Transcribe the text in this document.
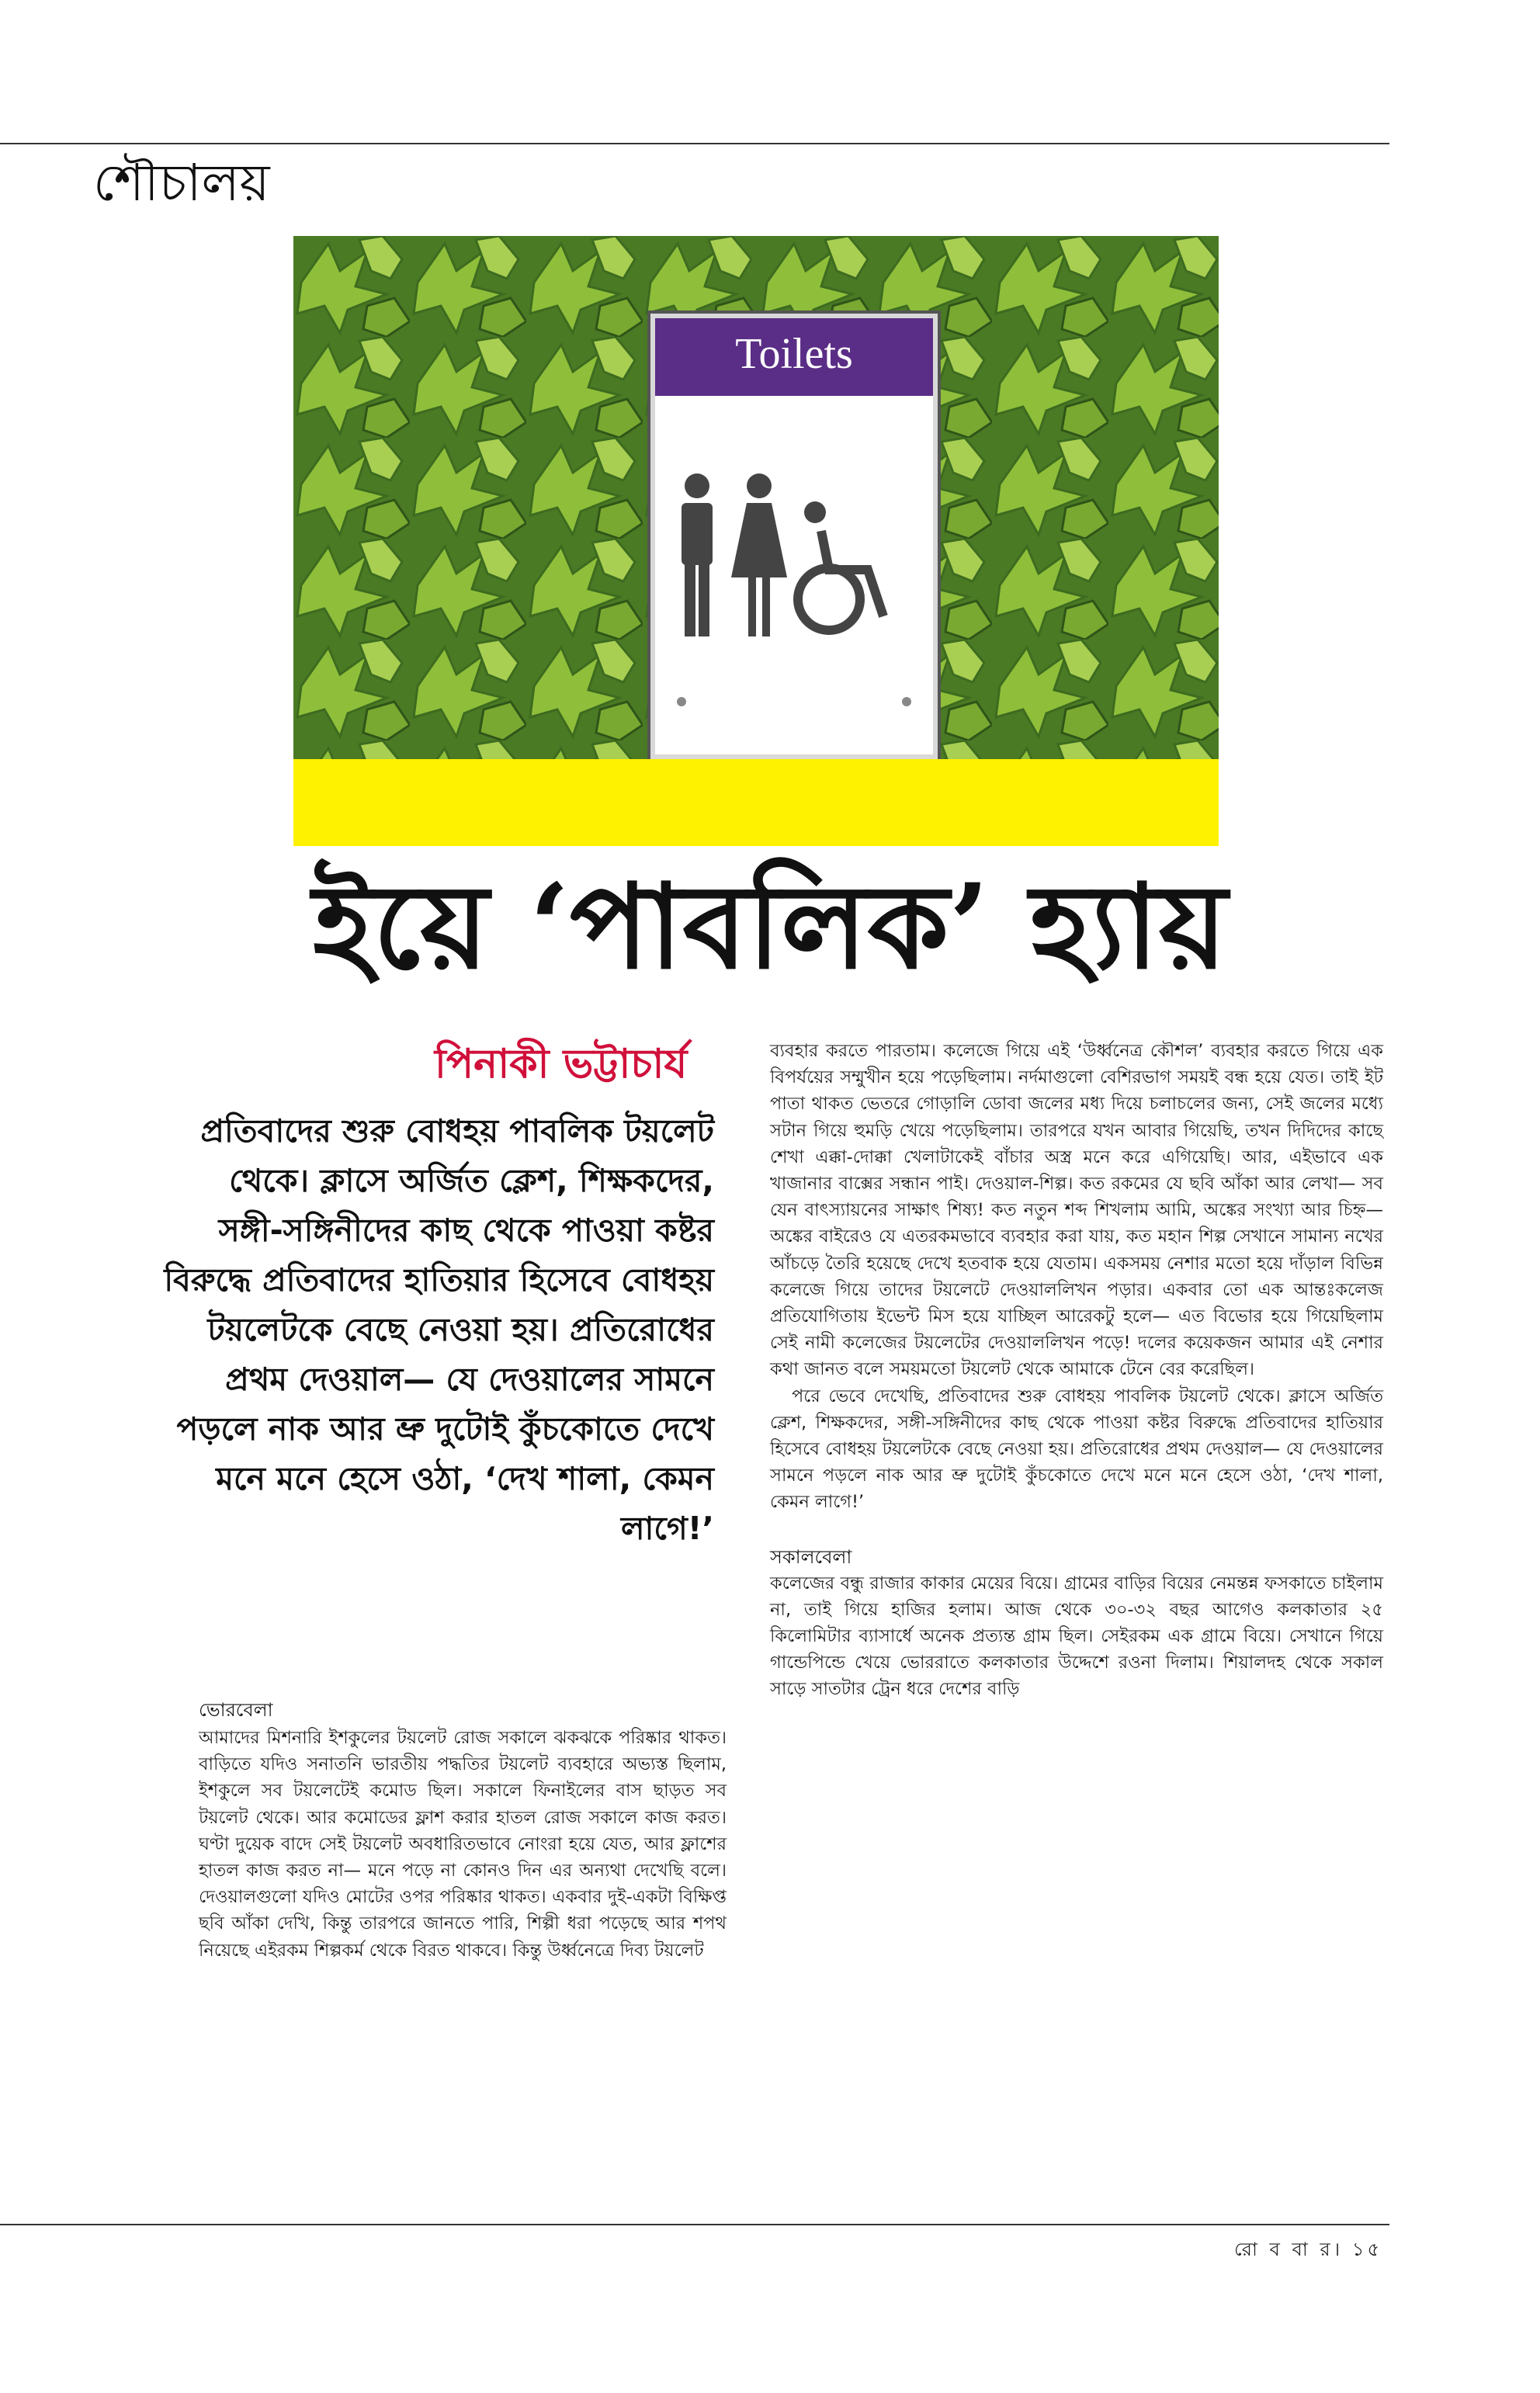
শৌচালয়
Toilets
ইয়ে ‘পাবলিক’ হ্যায়
পিনাকী ভট্টাচার্য
প্রতিবাদের শুরু বোধহয় পাবলিক টয়লেট থেকে। ক্লাসে অর্জিত ক্লেশ, শিক্ষকদের, সঙ্গী-সঙ্গিনীদের কাছ থেকে পাওয়া কষ্টর বিরুদ্ধে প্রতিবাদের হাতিয়ার হিসেবে বোধহয় টয়লেটকে বেছে নেওয়া হয়। প্রতিরোধের প্রথম দেওয়াল— যে দেওয়ালের সামনে পড়লে নাক আর ভ্রু দুটোই কুঁচকোতে দেখে মনে মনে হেসে ওঠা, ‘দেখ শালা, কেমন লাগে!’
ভোরবেলা

আমাদের মিশনারি ইশকুলের টয়লেট রোজ সকালে ঝকঝকে পরিষ্কার থাকত। বাড়িতে যদিও সনাতনি ভারতীয় পদ্ধতির টয়লেট ব্যবহারে অভ্যস্ত ছিলাম, ইশকুলে সব টয়লেটেই কমোড ছিল। সকালে ফিনাইলের বাস ছাড়ত সব টয়লেট থেকে। আর কমোডের ফ্লাশ করার হাতল রোজ সকালে কাজ করত। ঘণ্টা দুয়েক বাদে সেই টয়লেট অবধারিতভাবে নোংরা হয়ে যেত, আর ফ্লাশের হাতল কাজ করত না— মনে পড়ে না কোনও দিন এর অন্যথা দেখেছি বলে। দেওয়ালগুলো যদিও মোটের ওপর পরিষ্কার থাকত। একবার দুই-একটা বিক্ষিপ্ত ছবি আঁকা দেখি, কিন্তু তারপরে জানতে পারি, শিল্পী ধরা পড়েছে আর শপথ নিয়েছে এইরকম শিল্পকর্ম থেকে বিরত থাকবে। কিন্তু উর্ধ্বনেত্রে দিব্য টয়লেট

ব্যবহার করতে পারতাম। কলেজে গিয়ে এই ‘উর্ধ্বনেত্র কৌশল’ ব্যবহার করতে গিয়ে এক বিপর্যয়ের সম্মুখীন হয়ে পড়েছিলাম। নর্দমাগুলো বেশিরভাগ সময়ই বন্ধ হয়ে যেত। তাই ইট পাতা থাকত ভেতরে গোড়ালি ডোবা জলের মধ্য দিয়ে চলাচলের জন্য, সেই জলের মধ্যে সটান গিয়ে হুমড়ি খেয়ে পড়েছিলাম। তারপরে যখন আবার গিয়েছি, তখন দিদিদের কাছে শেখা এক্কা-দোক্কা খেলাটাকেই বাঁচার অস্ত্র মনে করে এগিয়েছি। আর, এইভাবে এক খাজানার বাক্সের সন্ধান পাই। দেওয়াল-শিল্প। কত রকমের যে ছবি আঁকা আর লেখা— সব যেন বাৎস্যায়নের সাক্ষাৎ শিষ্য! কত নতুন শব্দ শিখলাম আমি, অঙ্কের সংখ্যা আর চিহ্ন— অঙ্কের বাইরেও যে এতরকমভাবে ব্যবহার করা যায়, কত মহান শিল্প সেখানে সামান্য নখের আঁচড়ে তৈরি হয়েছে দেখে হতবাক হয়ে যেতাম। একসময় নেশার মতো হয়ে দাঁড়াল বিভিন্ন কলেজে গিয়ে তাদের টয়লেটে দেওয়াললিখন পড়ার। একবার তো এক আন্তঃকলেজ প্রতিযোগিতায় ইভেন্ট মিস হয়ে যাচ্ছিল আরেকটু হলে— এত বিভোর হয়ে গিয়েছিলাম সেই নামী কলেজের টয়লেটের দেওয়াললিখন পড়ে! দলের কয়েকজন আমার এই নেশার কথা জানত বলে সময়মতো টয়লেট থেকে আমাকে টেনে বের করেছিল।

পরে ভেবে দেখেছি, প্রতিবাদের শুরু বোধহয় পাবলিক টয়লেট থেকে। ক্লাসে অর্জিত ক্লেশ, শিক্ষকদের, সঙ্গী-সঙ্গিনীদের কাছ থেকে পাওয়া কষ্টর বিরুদ্ধে প্রতিবাদের হাতিয়ার হিসেবে বোধহয় টয়লেটকে বেছে নেওয়া হয়। প্রতিরোধের প্রথম দেওয়াল— যে দেওয়ালের সামনে পড়লে নাক আর ভ্রু দুটোই কুঁচকোতে দেখে মনে মনে হেসে ওঠা, ‘দেখ শালা, কেমন লাগে!’

সকালবেলা

কলেজের বন্ধু রাজার কাকার মেয়ের বিয়ে। গ্রামের বাড়ির বিয়ের নেমন্তন্ন ফসকাতে চাইলাম না, তাই গিয়ে হাজির হলাম। আজ থেকে ৩০-৩২ বছর আগেও কলকাতার ২৫ কিলোমিটার ব্যাসার্ধে অনেক প্রত্যন্ত গ্রাম ছিল। সেইরকম এক গ্রামে বিয়ে। সেখানে গিয়ে গান্ডেপিন্ডে খেয়ে ভোররাতে কলকাতার উদ্দেশে রওনা দিলাম। শিয়ালদহ থেকে সকাল সাড়ে সাতটার ট্রেন ধরে দেশের বাড়ি

রো ব বা র। ১৫
